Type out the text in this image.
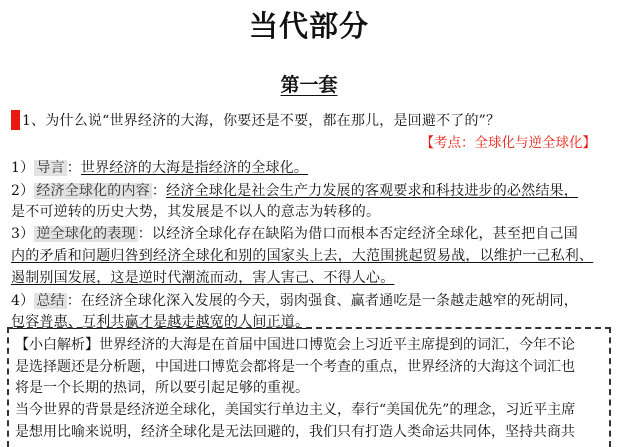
当代部分
第一套
1、为什么说“世界经济的大海，你要还是不要，都在那儿，是回避不了的”？
【考点：全球化与逆全球化】
1） 导言 ：世界经济的大海是指经济的全球化。
2） 经济全球化的内容 ：经济全球化是社会生产力发展的客观要求和科技进步的必然结果，
是不可逆转的历史大势，其发展是不以人的意志为转移的。
3） 逆全球化的表现 ：以经济全球化存在缺陷为借口而根本否定经济全球化，甚至把自己国
内的矛盾和问题归咎到经济全球化和别的国家头上去，大范围挑起贸易战，以维护一己私利、
遏制别国发展，这是逆时代潮流而动，害人害己、不得人心。
4） 总结 ：在经济全球化深入发展的今天，弱肉强食、赢者通吃是一条越走越窄的死胡同，
包容普惠、互利共赢才是越走越宽的人间正道。
【小白解析】世界经济的大海是在首届中国进口博览会上习近平主席提到的词汇，今年不论
是选择题还是分析题，中国进口博览会都将是一个考查的重点，世界经济的大海这个词汇也
将是一个长期的热词，所以要引起足够的重视。
当今世界的背景是经济逆全球化，美国实行单边主义，奉行“美国优先”的理念，习近平主席
是想用比喻来说明，经济全球化是无法回避的，我们只有打造人类命运共同体，坚持共商共
